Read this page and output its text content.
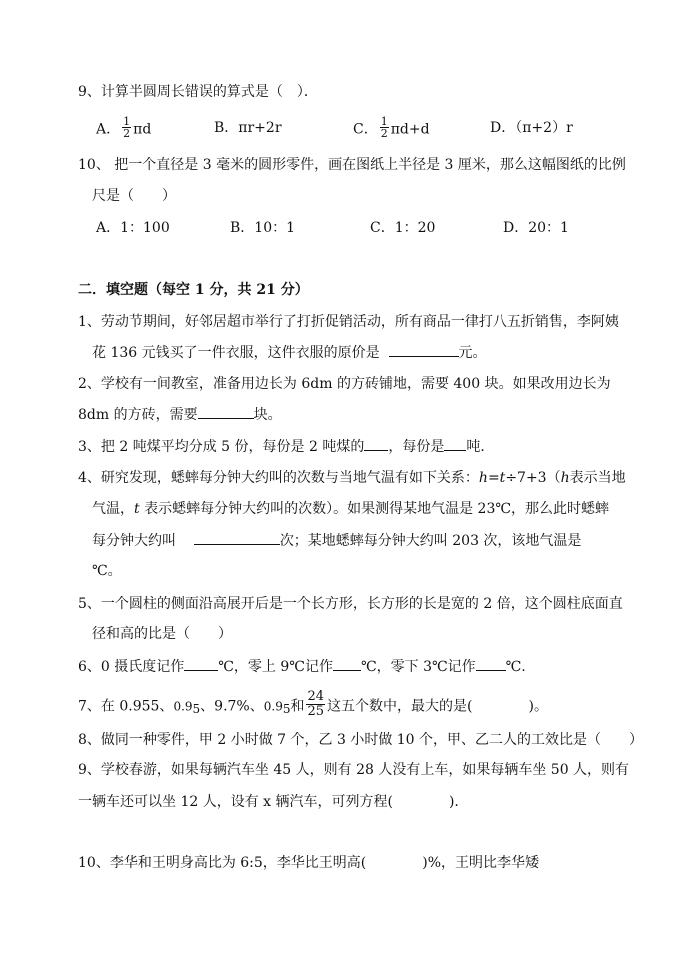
9、计算半圆周长错误的算式是（　）．
A． $\frac{1}{2}$ πd	B．πr+2r	C． $\frac{1}{2} \pi d+d$	D．（π+2）r
10、 把一个直径是 3 毫米的圆形零件，画在图纸上半径是 3 厘米，那么这幅图纸的比例
尺是（　　）
A．1：100	B．10：1	C．1：20	D．20：1
二．填空题（每空 1 分，共 21 分）
1、劳动节期间，好邻居超市举行了打折促销活动，所有商品一律打八五折销售，李阿姨
花 136 元钱买了一件衣服，这件衣服的原价是	元。
2、学校有一间教室，准备用边长为 6dm 的方砖铺地，需要 400 块。如果改用边长为
8dm 的方砖，需要	块。
3、把 2 吨煤平均分成 5 份，每份是 2 吨煤的 ，每份是 吨．
4、研究发现，蟋蟀每分钟大约叫的次数与当地气温有如下关系：h=t÷7+3（h表示当地
气温，t 表示蟋蟀每分钟大约叫的次数）。如果测得某地气温是 23℃，那么此时蟋蟀
每分钟大约叫	次；某地蟋蟀每分钟大约叫 203 次，该地气温是
℃。
5、一个圆柱的侧面沿高展开后是一个长方形，长方形的长是宽的 2 倍，这个圆柱底面直
径和高的比是（　　）
6、0 摄氏度记作 ℃，零上 9℃记作 ℃，零下 3℃记作 ℃.
7、在 0.955、0.95、9.7%、0.95和 $\frac{24}{25}$ 这五个数中，最大的是(　　　　)。
8、做同一种零件，甲 2 小时做 7 个，乙 3 小时做 10 个，甲、乙二人的工效比是（　　）
9、学校春游，如果每辆汽车坐 45 人，则有 28 人没有上车，如果每辆车坐 50 人，则有
一辆车还可以坐 12 人，设有 x 辆汽车，可列方程(　　　　).
10、李华和王明身高比为 6:5，李华比王明高(　　　　)%，王明比李华矮
